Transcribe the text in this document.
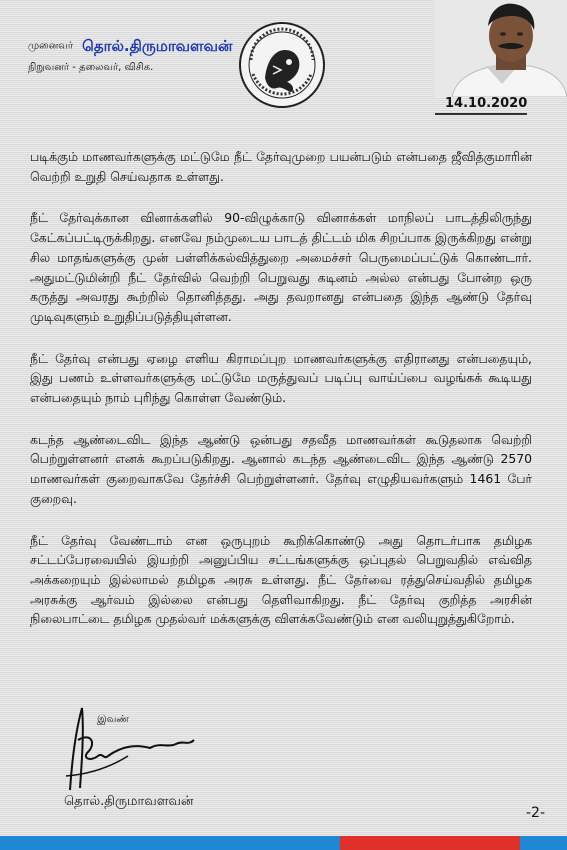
முனைவர் தொல்.திருமாவளவன்
நிறுவனர் - தலைவர், விசிக.
14.10.2020

படிக்கும் மாணவர்களுக்கு மட்டுமே நீட் தேர்வுமுறை பயன்படும் என்பதை ஜீவித்குமாரின் வெற்றி உறுதி செய்வதாக உள்ளது.

நீட் தேர்வுக்கான வினாக்களில் 90-விழுக்காடு வினாக்கள் மாநிலப் பாடத்திலிருந்து கேட்கப்பட்டிருக்கிறது. எனவே நம்முடைய பாடத் திட்டம் மிக சிறப்பாக இருக்கிறது என்று சில மாதங்களுக்கு முன் பள்ளிக்கல்வித்துறை அமைச்சர் பெருமைப்பட்டுக் கொண்டார். அதுமட்டுமின்றி நீட் தேர்வில் வெற்றி பெறுவது கடினம் அல்ல என்பது போன்ற ஒரு கருத்து அவரது கூற்றில் தொனித்தது. அது தவறானது என்பதை இந்த ஆண்டு தேர்வு முடிவுகளும் உறுதிப்படுத்தியுள்ளன.

நீட் தேர்வு என்பது ஏழை எளிய கிராமப்புற மாணவர்களுக்கு எதிரானது என்பதையும், இது பணம் உள்ளவர்களுக்கு மட்டுமே மருத்துவப் படிப்பு வாய்ப்பை வழங்கக் கூடியது என்பதையும் நாம் புரிந்து கொள்ள வேண்டும்.

கடந்த ஆண்டைவிட இந்த ஆண்டு ஒன்பது சதவீத மாணவர்கள் கூடுதலாக வெற்றி பெற்றுள்ளனர் எனக் கூறப்படுகிறது. ஆனால் கடந்த ஆண்டைவிட இந்த ஆண்டு 2570 மாணவர்கள் குறைவாகவே தேர்ச்சி பெற்றுள்ளனர். தேர்வு எழுதியவர்களும் 1461 பேர் குறைவு.

நீட் தேர்வு வேண்டாம் என ஒருபுறம் கூறிக்கொண்டு அது தொடர்பாக தமிழக சட்டப்பேரவையில் இயற்றி அனுப்பிய சட்டங்களுக்கு ஒப்புதல் பெறுவதில் எவ்வித அக்கறையும் இல்லாமல் தமிழக அரசு உள்ளது. நீட் தேர்வை ரத்துசெய்வதில் தமிழக அரசுக்கு ஆர்வம் இல்லை என்பது தெளிவாகிறது. நீட் தேர்வு குறித்த அரசின் நிலைபாட்டை தமிழக முதல்வர் மக்களுக்கு விளக்கவேண்டும் என வலியுறுத்துகிறோம்.

இவண்
தொல்.திருமாவளவன்
-2-
